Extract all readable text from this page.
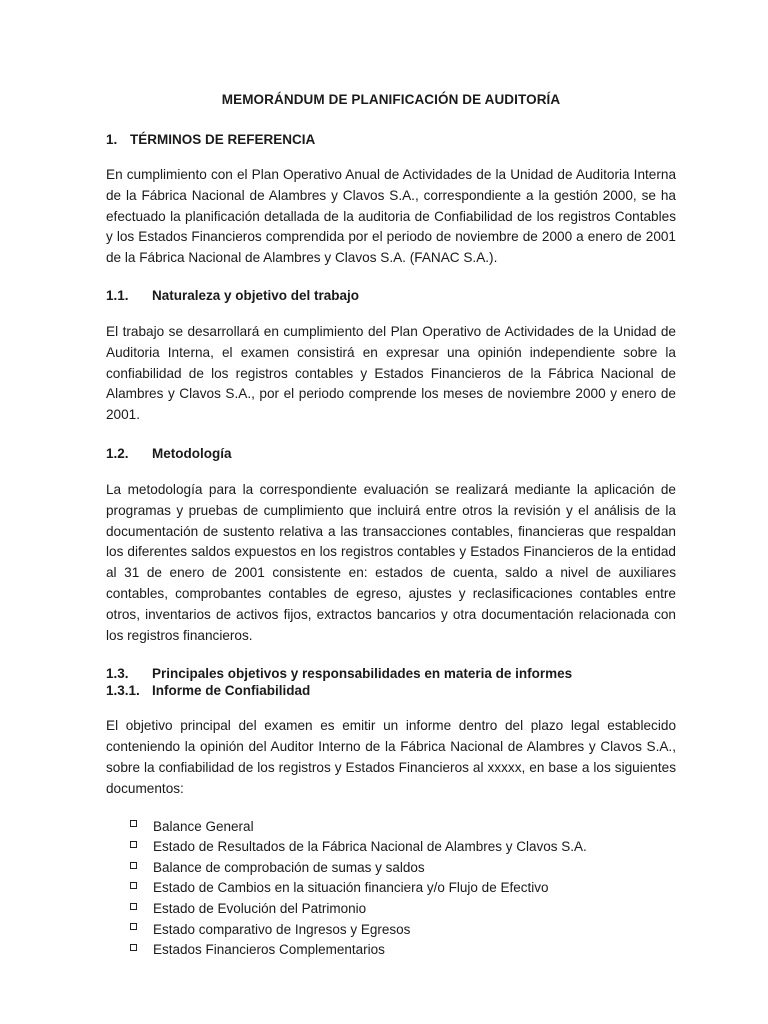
MEMORÁNDUM DE PLANIFICACIÓN DE AUDITORÍA
1. TÉRMINOS DE REFERENCIA

En cumplimiento con el Plan Operativo Anual de Actividades de la Unidad de Auditoria Interna de la Fábrica Nacional de Alambres y Clavos S.A., correspondiente a la gestión 2000, se ha efectuado la planificación detallada de la auditoria de Confiabilidad de los registros Contables y los Estados Financieros comprendida por el periodo de noviembre de 2000 a enero de 2001 de la Fábrica Nacional de Alambres y Clavos S.A. (FANAC S.A.).

1.1.	Naturaleza y objetivo del trabajo

El trabajo se desarrollará en cumplimiento del Plan Operativo de Actividades de la Unidad de Auditoria Interna, el examen consistirá en expresar una opinión independiente sobre la confiabilidad de los registros contables y Estados Financieros de la Fábrica Nacional de Alambres y Clavos S.A., por el periodo comprende los meses de noviembre 2000 y enero de 2001.

1.2.	Metodología

La metodología para la correspondiente evaluación se realizará mediante la aplicación de programas y pruebas de cumplimiento que incluirá entre otros la revisión y el análisis de la documentación de sustento relativa a las transacciones contables, financieras que respaldan los diferentes saldos expuestos en los registros contables y Estados Financieros de la entidad al 31 de enero de 2001 consistente en: estados de cuenta, saldo a nivel de auxiliares contables, comprobantes contables de egreso, ajustes y reclasificaciones contables entre otros, inventarios de activos fijos, extractos bancarios y otra documentación relacionada con los registros financieros.

1.3.	Principales objetivos y responsabilidades en materia de informes
1.3.1. Informe de Confiabilidad

El objetivo principal del examen es emitir un informe dentro del plazo legal establecido conteniendo la opinión del Auditor Interno de la Fábrica Nacional de Alambres y Clavos S.A., sobre la confiabilidad de los registros y Estados Financieros al xxxxx, en base a los siguientes documentos:

Balance General
Estado de Resultados de la Fábrica Nacional de Alambres y Clavos S.A.
Balance de comprobación de sumas y saldos
Estado de Cambios en la situación financiera y/o Flujo de Efectivo
Estado de Evolución del Patrimonio
Estado comparativo de Ingresos y Egresos
Estados Financieros Complementarios
